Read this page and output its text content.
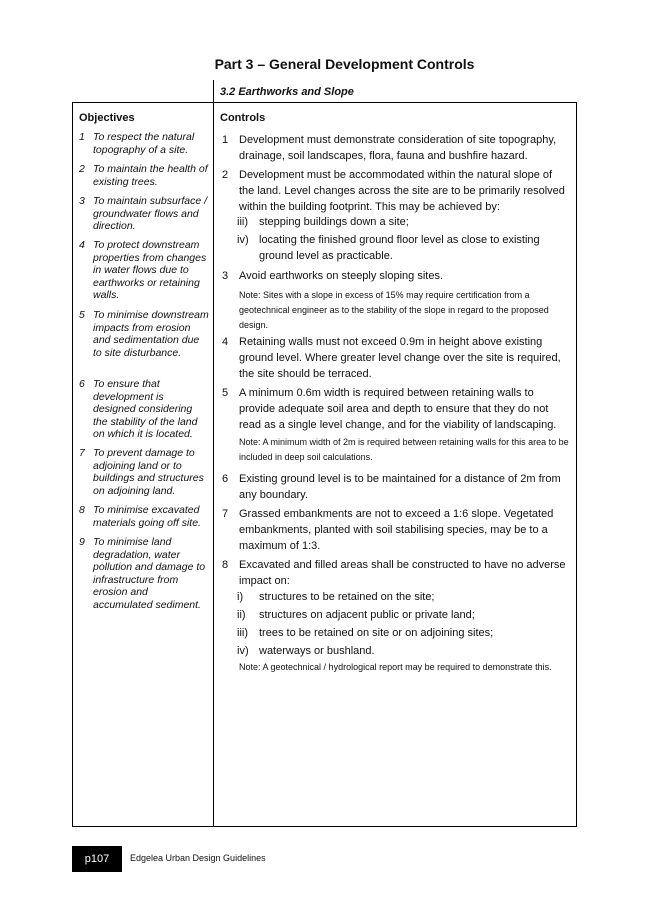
Part 3 – General Development Controls
3.2 Earthworks and Slope
Objectives	Controls
1 To respect the natural topography of a site.
2 To maintain the health of existing trees.
3 To maintain subsurface / groundwater flows and direction.
4 To protect downstream properties from changes in water flows due to earthworks or retaining walls.
5 To minimise downstream impacts from erosion and sedimentation due to site disturbance.
6 To ensure that development is designed considering the stability of the land on which it is located.
7 To prevent damage to adjoining land or to buildings and structures on adjoining land.
8 To minimise excavated materials going off site.
9 To minimise land degradation, water pollution and damage to infrastructure from erosion and accumulated sediment.
1 Development must demonstrate consideration of site topography, drainage, soil landscapes, flora, fauna and bushfire hazard.
2 Development must be accommodated within the natural slope of the land. Level changes across the site are to be primarily resolved within the building footprint. This may be achieved by:
iii) stepping buildings down a site;
iv) locating the finished ground floor level as close to existing ground level as practicable.
3 Avoid earthworks on steeply sloping sites.
Note: Sites with a slope in excess of 15% may require certification from a geotechnical engineer as to the stability of the slope in regard to the proposed design.
4 Retaining walls must not exceed 0.9m in height above existing ground level. Where greater level change over the site is required, the site should be terraced.
5 A minimum 0.6m width is required between retaining walls to provide adequate soil area and depth to ensure that they do not read as a single level change, and for the viability of landscaping.
Note: A minimum width of 2m is required between retaining walls for this area to be included in deep soil calculations.
6 Existing ground level is to be maintained for a distance of 2m from any boundary.
7 Grassed embankments are not to exceed a 1:6 slope. Vegetated embankments, planted with soil stabilising species, may be to a maximum of 1:3.
8 Excavated and filled areas shall be constructed to have no adverse impact on:
i) structures to be retained on the site;
ii) structures on adjacent public or private land;
iii) trees to be retained on site or on adjoining sites;
iv) waterways or bushland.
Note: A geotechnical / hydrological report may be required to demonstrate this.
p107	Edgelea Urban Design Guidelines
